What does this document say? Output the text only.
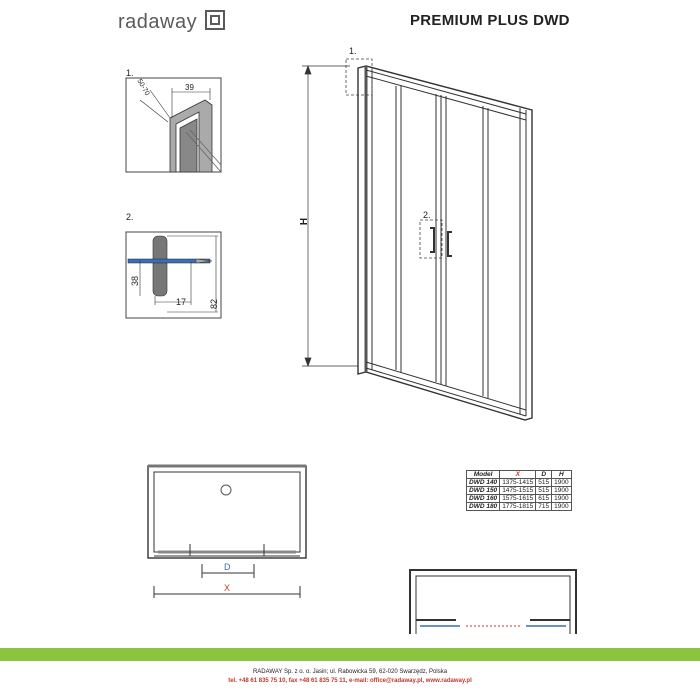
radaway	PREMIUM PLUS DWD
1.
39
50-70
2.
38
17	82
1.
2.
H
D
X
Model	X	D	H
DWD 140	1375-1415	515	1900
DWD 150	1475-1515	515	1900
DWD 160	1575-1615	615	1900
DWD 180	1775-1815	715	1900
RADAWAY Sp. z o. o. Jasin; ul. Rabowicka 59, 62-020 Swarzędz, Polska
tel. +48 61 835 75 10, fax +48 61 835 75 11, e-mail: office@radaway.pl, www.radaway.pl
